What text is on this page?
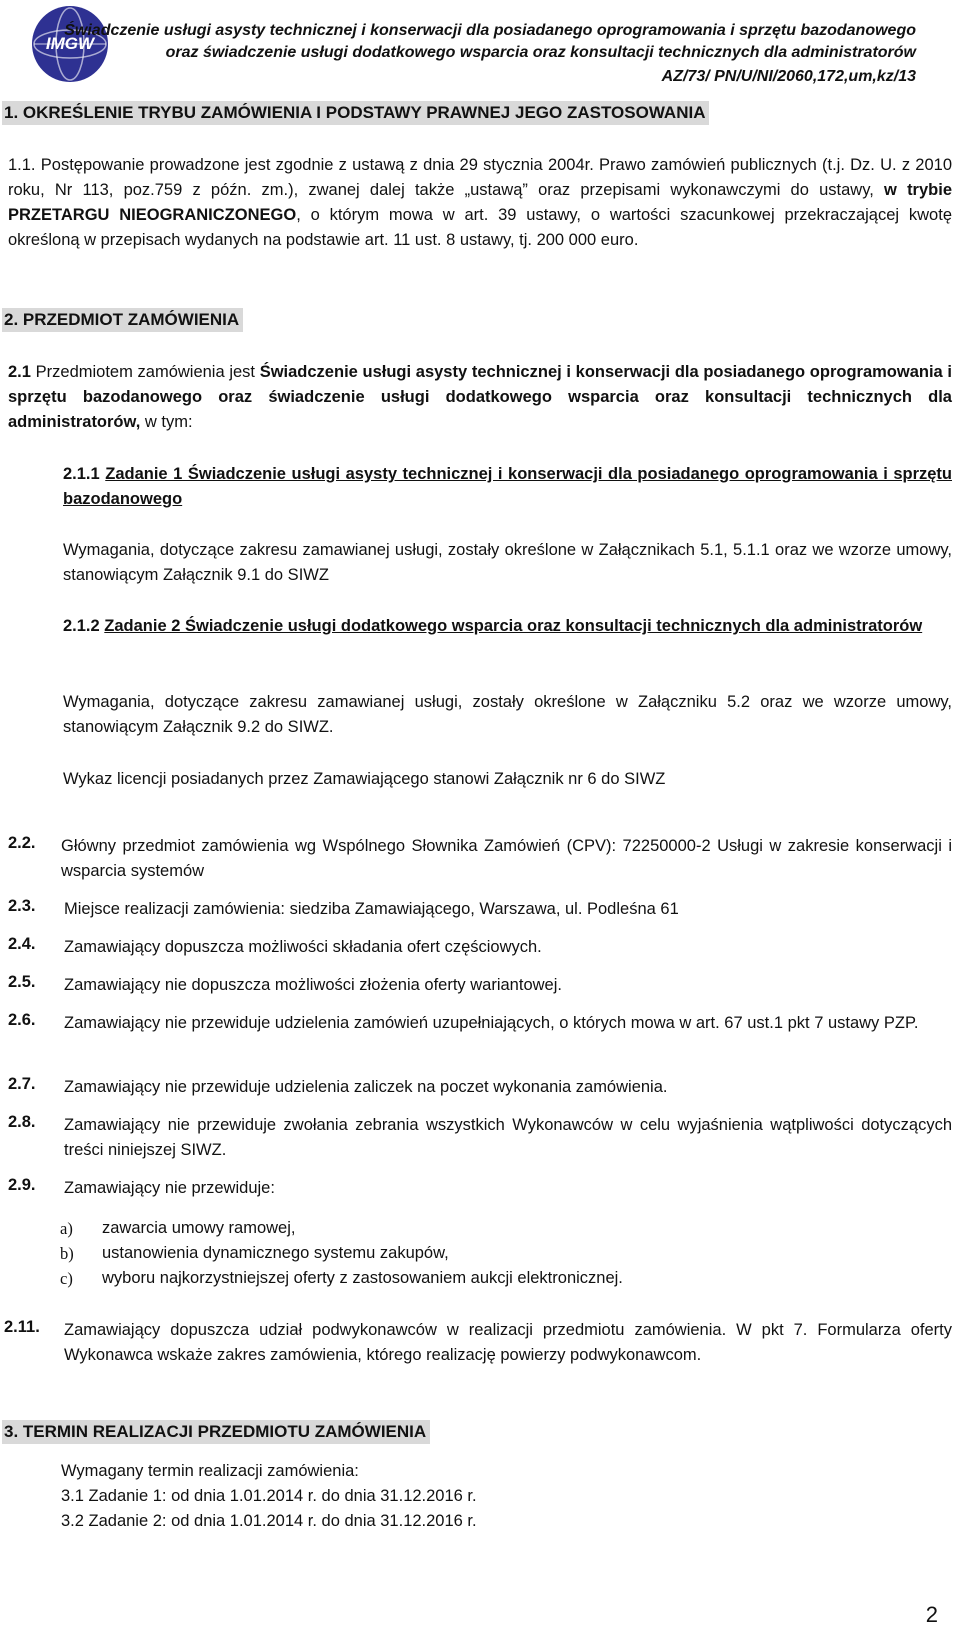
IMGW
Świadczenie usługi asysty technicznej i konserwacji dla posiadanego oprogramowania i sprzętu bazodanowego
oraz świadczenie usługi dodatkowego wsparcia oraz konsultacji technicznych dla administratorów
AZ/73/ PN/U/NI/2060,172,um,kz/13
1. OKREŚLENIE TRYBU ZAMÓWIENIA I PODSTAWY PRAWNEJ JEGO ZASTOSOWANIA
1.1. Postępowanie prowadzone jest zgodnie z ustawą z dnia 29 stycznia 2004r. Prawo zamówień publicznych (t.j. Dz. U. z 2010 roku, Nr 113, poz.759 z późn. zm.), zwanej dalej także „ustawą” oraz przepisami wykonawczymi do ustawy, w trybie PRZETARGU NIEOGRANICZONEGO, o którym mowa w art. 39 ustawy, o wartości szacunkowej przekraczającej kwotę określoną w przepisach wydanych na podstawie art. 11 ust. 8 ustawy, tj. 200 000 euro.
2. PRZEDMIOT ZAMÓWIENIA
2.1 Przedmiotem zamówienia jest Świadczenie usługi asysty technicznej i konserwacji dla posiadanego oprogramowania i sprzętu bazodanowego oraz świadczenie usługi dodatkowego wsparcia oraz konsultacji technicznych dla administratorów, w tym:
2.1.1 Zadanie 1 Świadczenie usługi asysty technicznej i konserwacji dla posiadanego oprogramowania i sprzętu bazodanowego
Wymagania, dotyczące zakresu zamawianej usługi, zostały określone w Załącznikach 5.1, 5.1.1 oraz we wzorze umowy, stanowiącym Załącznik 9.1 do SIWZ
2.1.2 Zadanie 2 Świadczenie usługi dodatkowego wsparcia oraz konsultacji technicznych dla administratorów
Wymagania, dotyczące zakresu zamawianej usługi, zostały określone w Załączniku 5.2 oraz we wzorze umowy, stanowiącym Załącznik 9.2 do SIWZ.
Wykaz licencji posiadanych przez Zamawiającego stanowi Załącznik nr 6 do SIWZ
2.2. Główny przedmiot zamówienia wg Wspólnego Słownika Zamówień (CPV): 72250000-2 Usługi w zakresie konserwacji i wsparcia systemów
2.3. Miejsce realizacji zamówienia: siedziba Zamawiającego, Warszawa, ul. Podleśna 61
2.4. Zamawiający dopuszcza możliwości składania ofert częściowych.
2.5. Zamawiający nie dopuszcza możliwości złożenia oferty wariantowej.
2.6. Zamawiający nie przewiduje udzielenia zamówień uzupełniających, o których mowa w art. 67 ust.1 pkt 7 ustawy PZP.
2.7. Zamawiający nie przewiduje udzielenia zaliczek na poczet wykonania zamówienia.
2.8. Zamawiający nie przewiduje zwołania zebrania wszystkich Wykonawców w celu wyjaśnienia wątpliwości dotyczących treści niniejszej SIWZ.
2.9. Zamawiający nie przewiduje:
a) zawarcia umowy ramowej,
b) ustanowienia dynamicznego systemu zakupów,
c) wyboru najkorzystniejszej oferty z zastosowaniem aukcji elektronicznej.
2.11. Zamawiający dopuszcza udział podwykonawców w realizacji przedmiotu zamówienia. W pkt 7. Formularza oferty Wykonawca wskaże zakres zamówienia, którego realizację powierzy podwykonawcom.
3. TERMIN REALIZACJI PRZEDMIOTU ZAMÓWIENIA
Wymagany termin realizacji zamówienia:
3.1 Zadanie 1: od dnia 1.01.2014 r. do dnia 31.12.2016 r.
3.2 Zadanie 2: od dnia 1.01.2014 r. do dnia 31.12.2016 r.
2
